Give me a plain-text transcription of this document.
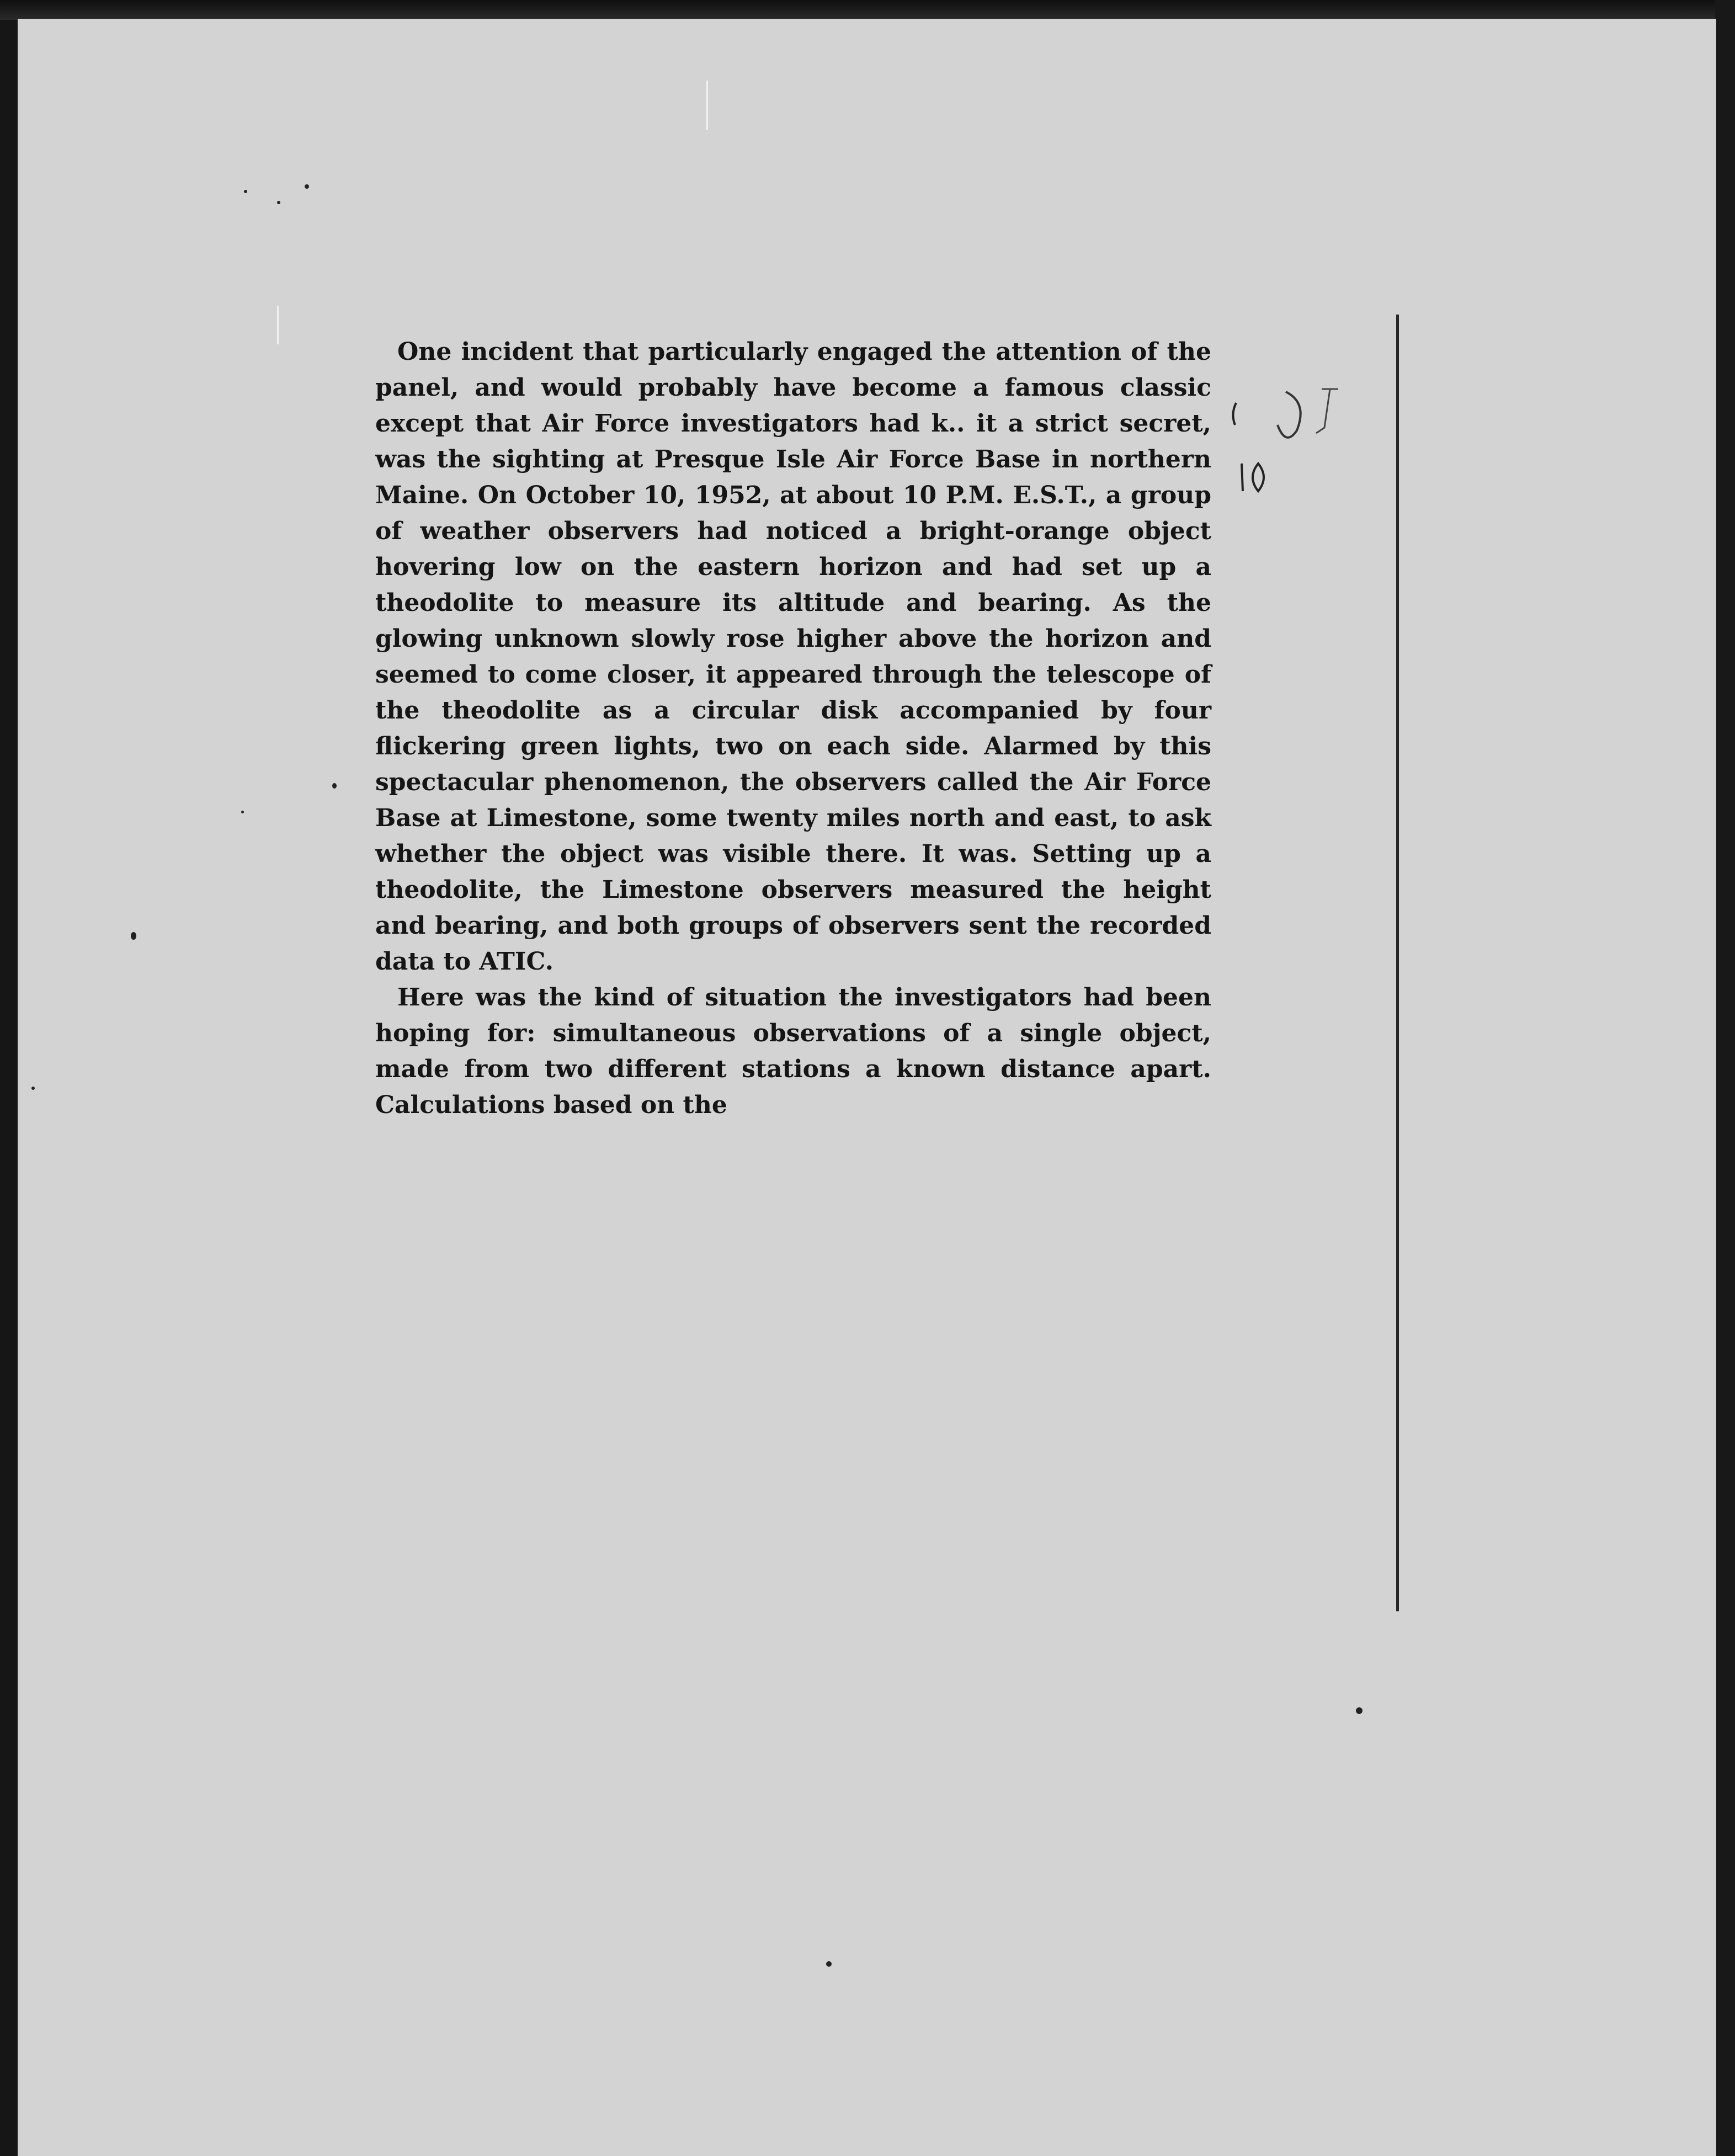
One incident that particularly engaged the attention of the panel, and would probably have become a famous classic except that Air Force investigators had k.. it a strict secret, was the sighting at Presque Isle Air Force Base in northern Maine. On October 10, 1952, at about 10 P.M. E.S.T., a group of weather observers had noticed a bright-orange object hovering low on the eastern horizon and had set up a theodolite to measure its altitude and bearing. As the glowing unknown slowly rose higher above the horizon and seemed to come closer, it appeared through the telescope of the theodolite as a circular disk accompanied by four flickering green lights, two on each side. Alarmed by this spectacular phenomenon, the observers called the Air Force Base at Limestone, some twenty miles north and east, to ask whether the object was visible there. It was. Setting up a theodolite, the Limestone observers measured the height and bearing, and both groups of observers sent the recorded data to ATIC.

Here was the kind of situation the investigators had been hoping for: simultaneous observations of a single object, made from two different stations a known distance apart. Calculations based on the
